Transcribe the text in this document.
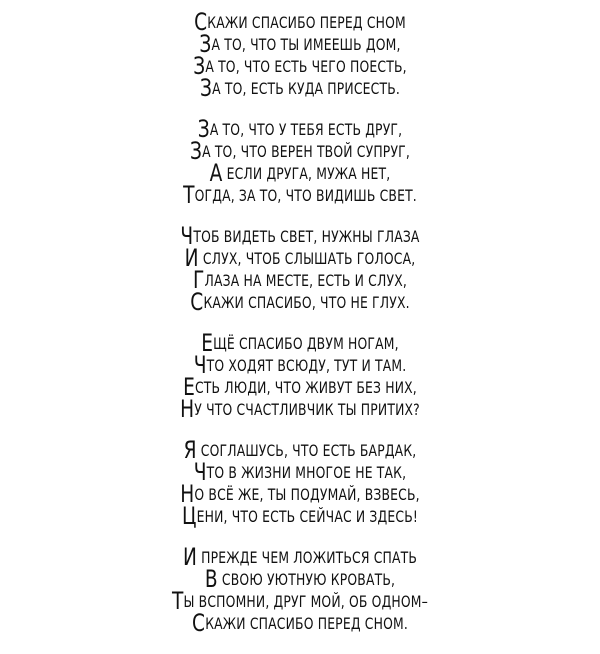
СКАЖИ СПАСИБО ПЕРЕД СНОМ
ЗА ТО, ЧТО ТЫ ИМЕЕШЬ ДОМ,
ЗА ТО, ЧТО ЕСТЬ ЧЕГО ПОЕСТЬ,
ЗА ТО, ЕСТЬ КУДА ПРИСЕСТЬ.
ЗА ТО, ЧТО У ТЕБЯ ЕСТЬ ДРУГ,
ЗА ТО, ЧТО ВЕРЕН ТВОЙ СУПРУГ,
А ЕСЛИ ДРУГА, МУЖА НЕТ,
ТОГДА, ЗА ТО, ЧТО ВИДИШЬ СВЕТ.
ЧТОБ ВИДЕТЬ СВЕТ, НУЖНЫ ГЛАЗА
И СЛУХ, ЧТОБ СЛЫШАТЬ ГОЛОСА,
ГЛАЗА НА МЕСТЕ, ЕСТЬ И СЛУХ,
СКАЖИ СПАСИБО, ЧТО НЕ ГЛУХ.
ЕЩЁ СПАСИБО ДВУМ НОГАМ,
ЧТО ХОДЯТ ВСЮДУ, ТУТ И ТАМ.
ЕСТЬ ЛЮДИ, ЧТО ЖИВУТ БЕЗ НИХ,
НУ ЧТО СЧАСТЛИВЧИК ТЫ ПРИТИХ?
Я СОГЛАШУСЬ, ЧТО ЕСТЬ БАРДАК,
ЧТО В ЖИЗНИ МНОГОЕ НЕ ТАК,
НО ВСЁ ЖЕ, ТЫ ПОДУМАЙ, ВЗВЕСЬ,
ЦЕНИ, ЧТО ЕСТЬ СЕЙЧАС И ЗДЕСЬ!
И ПРЕЖДЕ ЧЕМ ЛОЖИТЬСЯ СПАТЬ
В СВОЮ УЮТНУЮ КРОВАТЬ,
ТЫ ВСПОМНИ, ДРУГ МОЙ, ОБ ОДНОМ–
СКАЖИ СПАСИБО ПЕРЕД СНОМ.
